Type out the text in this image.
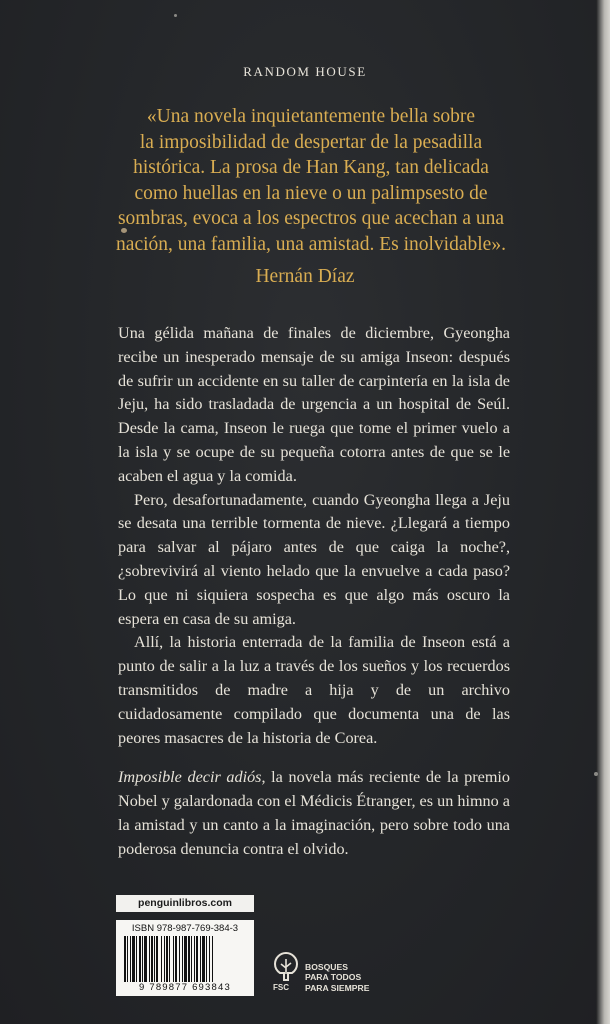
RANDOM HOUSE
«Una novela inquietantemente bella sobre
la imposibilidad de despertar de la pesadilla
histórica. La prosa de Han Kang, tan delicada
como huellas en la nieve o un palimpsesto de
sombras, evoca a los espectros que acechan a una
nación, una familia, una amistad. Es inolvidable».
Hernán Díaz

Una gélida mañana de finales de diciembre, Gyeongha recibe un inesperado mensaje de su amiga Inseon: después de sufrir un accidente en su taller de carpintería en la isla de Jeju, ha sido trasladada de urgencia a un hospital de Seúl. Desde la cama, Inseon le ruega que tome el primer vuelo a la isla y se ocupe de su pequeña cotorra antes de que se le acaben el agua y la comida.

Pero, desafortunadamente, cuando Gyeongha llega a Jeju se desata una terrible tormenta de nieve. ¿Llegará a tiempo para salvar al pájaro antes de que caiga la noche?, ¿sobrevivirá al viento helado que la envuelve a cada paso? Lo que ni siquiera sospecha es que algo más oscuro la espera en casa de su amiga.

Allí, la historia enterrada de la familia de Inseon está a punto de salir a la luz a través de los sueños y los recuerdos transmitidos de madre a hija y de un archivo cuidadosamente compilado que documenta una de las peores masacres de la historia de Corea.

Imposible decir adiós, la novela más reciente de la premio Nobel y galardonada con el Médicis Étranger, es un himno a la amistad y un canto a la imaginación, pero sobre todo una poderosa denuncia contra el olvido.

penguinlibros.com
ISBN 978-987-769-384-3
9 789877 693843	FSC
BOSQUES
PARA TODOS
PARA SIEMPRE
